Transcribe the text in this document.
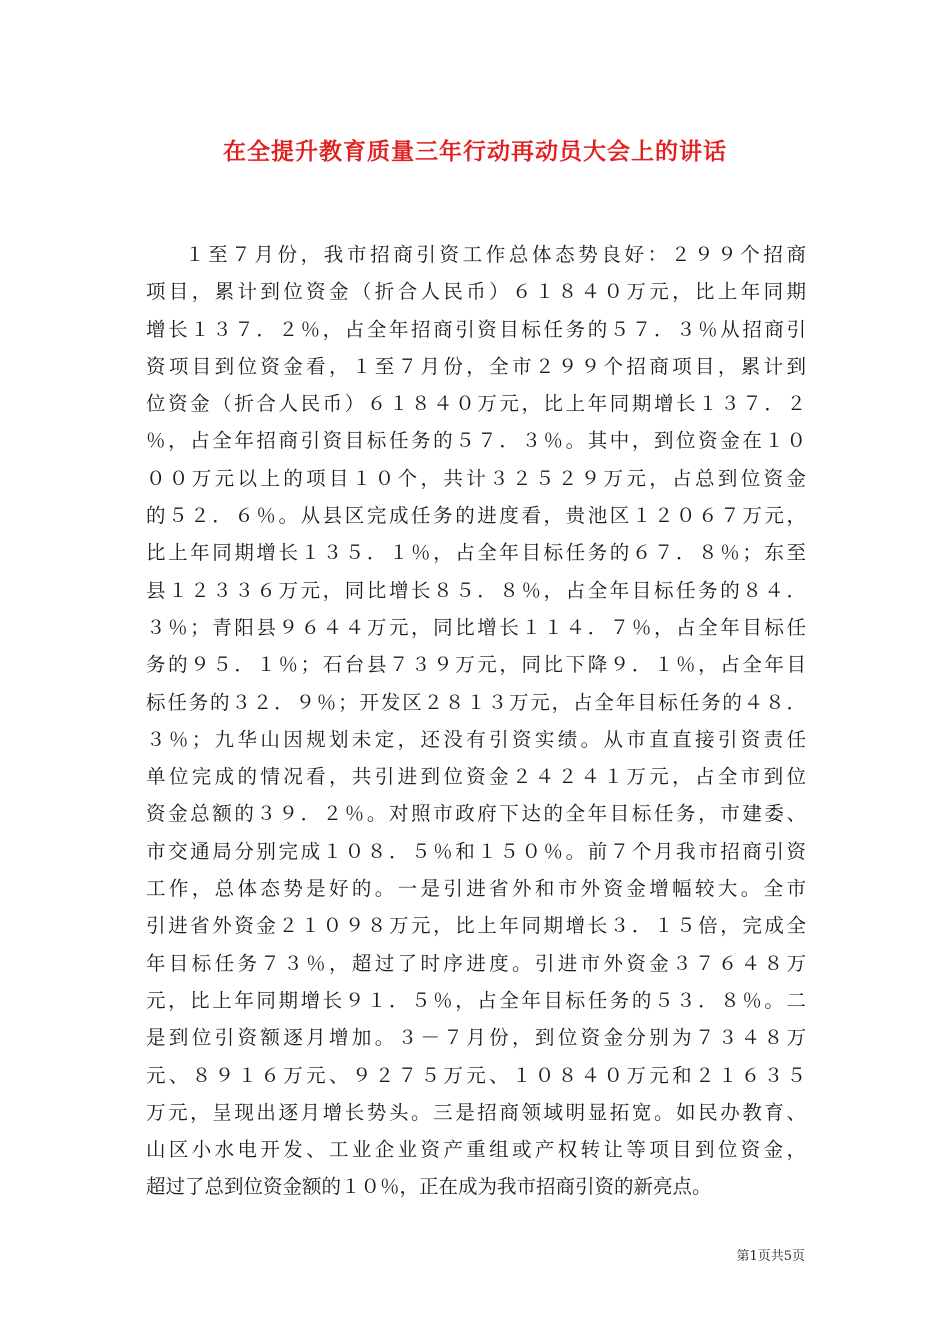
在全提升教育质量三年行动再动员大会上的讲话
１至７月份，我市招商引资工作总体态势良好：２９９个招商
项目，累计到位资金（折合人民币）６１８４０万元，比上年同期
增长１３７．２％，占全年招商引资目标任务的５７．３％从招商引
资项目到位资金看，１至７月份，全市２９９个招商项目，累计到
位资金（折合人民币）６１８４０万元，比上年同期增长１３７．２
％，占全年招商引资目标任务的５７．３％。其中，到位资金在１０
００万元以上的项目１０个，共计３２５２９万元，占总到位资金
的５２．６％。从县区完成任务的进度看，贵池区１２０６７万元，
比上年同期增长１３５．１％，占全年目标任务的６７．８％；东至
县１２３３６万元，同比增长８５．８％，占全年目标任务的８４．
３％；青阳县９６４４万元，同比增长１１４．７％，占全年目标任
务的９５．１％；石台县７３９万元，同比下降９．１％，占全年目
标任务的３２．９％；开发区２８１３万元，占全年目标任务的４８．
３％；九华山因规划未定，还没有引资实绩。从市直直接引资责任
单位完成的情况看，共引进到位资金２４２４１万元，占全市到位
资金总额的３９．２％。对照市政府下达的全年目标任务，市建委、
市交通局分别完成１０８．５％和１５０％。前７个月我市招商引资
工作，总体态势是好的。一是引进省外和市外资金增幅较大。全市
引进省外资金２１０９８万元，比上年同期增长３．１５倍，完成全
年目标任务７３％，超过了时序进度。引进市外资金３７６４８万
元，比上年同期增长９１．５％，占全年目标任务的５３．８％。二
是到位引资额逐月增加。３－７月份，到位资金分别为７３４８万
元、８９１６万元、９２７５万元、１０８４０万元和２１６３５
万元，呈现出逐月增长势头。三是招商领域明显拓宽。如民办教育、
山区小水电开发、工业企业资产重组或产权转让等项目到位资金，
超过了总到位资金额的１０％，正在成为我市招商引资的新亮点。
第1页共5页
